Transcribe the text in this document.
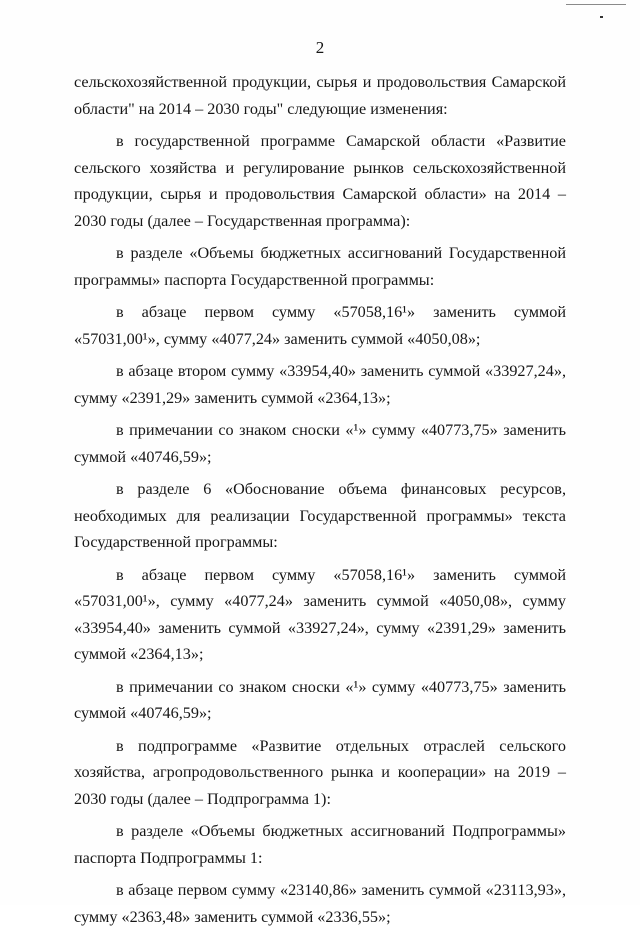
2

сельскохозяйственной продукции, сырья и продовольствия Самарской области" на 2014 – 2030 годы" следующие изменения:

в государственной программе Самарской области «Развитие сельского хозяйства и регулирование рынков сельскохозяйственной продукции, сырья и продовольствия Самарской области» на 2014 – 2030 годы (далее – Государственная программа):

в разделе «Объемы бюджетных ассигнований Государственной программы» паспорта Государственной программы:

в абзаце первом сумму «57058,16¹» заменить суммой «57031,00¹», сумму «4077,24» заменить суммой «4050,08»;

в абзаце втором сумму «33954,40» заменить суммой «33927,24», сумму «2391,29» заменить суммой «2364,13»;

в примечании со знаком сноски «¹» сумму «40773,75» заменить суммой «40746,59»;

в разделе 6 «Обоснование объема финансовых ресурсов, необходимых для реализации Государственной программы» текста Государственной программы:

в абзаце первом сумму «57058,16¹» заменить суммой «57031,00¹», сумму «4077,24» заменить суммой «4050,08», сумму «33954,40» заменить суммой «33927,24», сумму «2391,29» заменить суммой «2364,13»;

в примечании со знаком сноски «¹» сумму «40773,75» заменить суммой «40746,59»;

в подпрограмме «Развитие отдельных отраслей сельского хозяйства, агропродовольственного рынка и кооперации» на 2019 – 2030 годы (далее – Подпрограмма 1):

в разделе «Объемы бюджетных ассигнований Подпрограммы» паспорта Подпрограммы 1:

в абзаце первом сумму «23140,86» заменить суммой «23113,93», сумму «2363,48» заменить суммой «2336,55»;
